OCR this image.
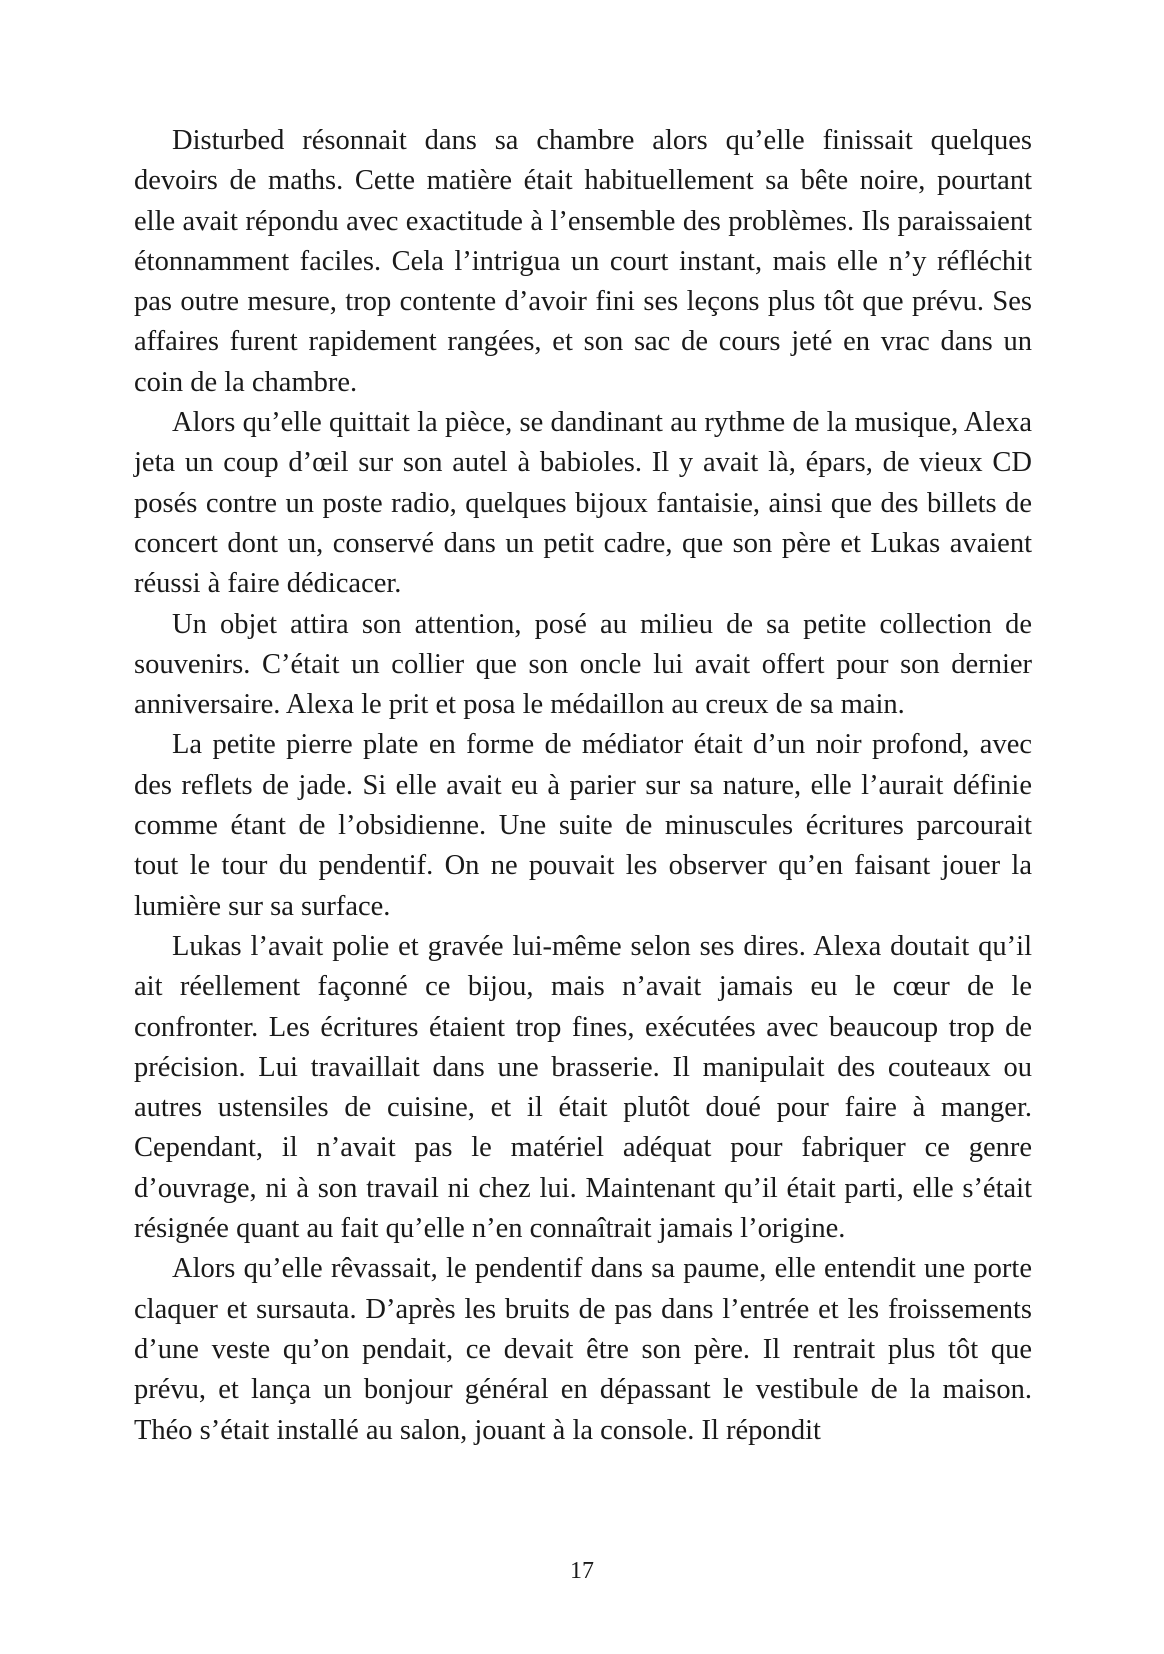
Disturbed résonnait dans sa chambre alors qu’elle finissait quelques devoirs de maths. Cette matière était habituellement sa bête noire, pourtant elle avait répondu avec exactitude à l’ensemble des problèmes. Ils paraissaient étonnamment faciles. Cela l’intrigua un court instant, mais elle n’y réfléchit pas outre mesure, trop contente d’avoir fini ses leçons plus tôt que prévu. Ses affaires furent rapidement rangées, et son sac de cours jeté en vrac dans un coin de la chambre.

Alors qu’elle quittait la pièce, se dandinant au rythme de la musique, Alexa jeta un coup d’œil sur son autel à babioles. Il y avait là, épars, de vieux CD posés contre un poste radio, quelques bijoux fantaisie, ainsi que des billets de concert dont un, conservé dans un petit cadre, que son père et Lukas avaient réussi à faire dédicacer.

Un objet attira son attention, posé au milieu de sa petite collection de souvenirs. C’était un collier que son oncle lui avait offert pour son dernier anniversaire. Alexa le prit et posa le médaillon au creux de sa main.

La petite pierre plate en forme de médiator était d’un noir profond, avec des reflets de jade. Si elle avait eu à parier sur sa nature, elle l’aurait définie comme étant de l’obsidienne. Une suite de minuscules écritures parcourait tout le tour du pendentif. On ne pouvait les observer qu’en faisant jouer la lumière sur sa surface.

Lukas l’avait polie et gravée lui-même selon ses dires. Alexa doutait qu’il ait réellement façonné ce bijou, mais n’avait jamais eu le cœur de le confronter. Les écritures étaient trop fines, exécutées avec beaucoup trop de précision. Lui travaillait dans une brasserie. Il manipulait des couteaux ou autres ustensiles de cuisine, et il était plutôt doué pour faire à manger. Cependant, il n’avait pas le matériel adéquat pour fabriquer ce genre d’ouvrage, ni à son travail ni chez lui. Maintenant qu’il était parti, elle s’était résignée quant au fait qu’elle n’en connaîtrait jamais l’origine.

Alors qu’elle rêvassait, le pendentif dans sa paume, elle entendit une porte claquer et sursauta. D’après les bruits de pas dans l’entrée et les froissements d’une veste qu’on pendait, ce devait être son père. Il rentrait plus tôt que prévu, et lança un bonjour général en dépassant le vestibule de la maison. Théo s’était installé au salon, jouant à la console. Il répondit

17
